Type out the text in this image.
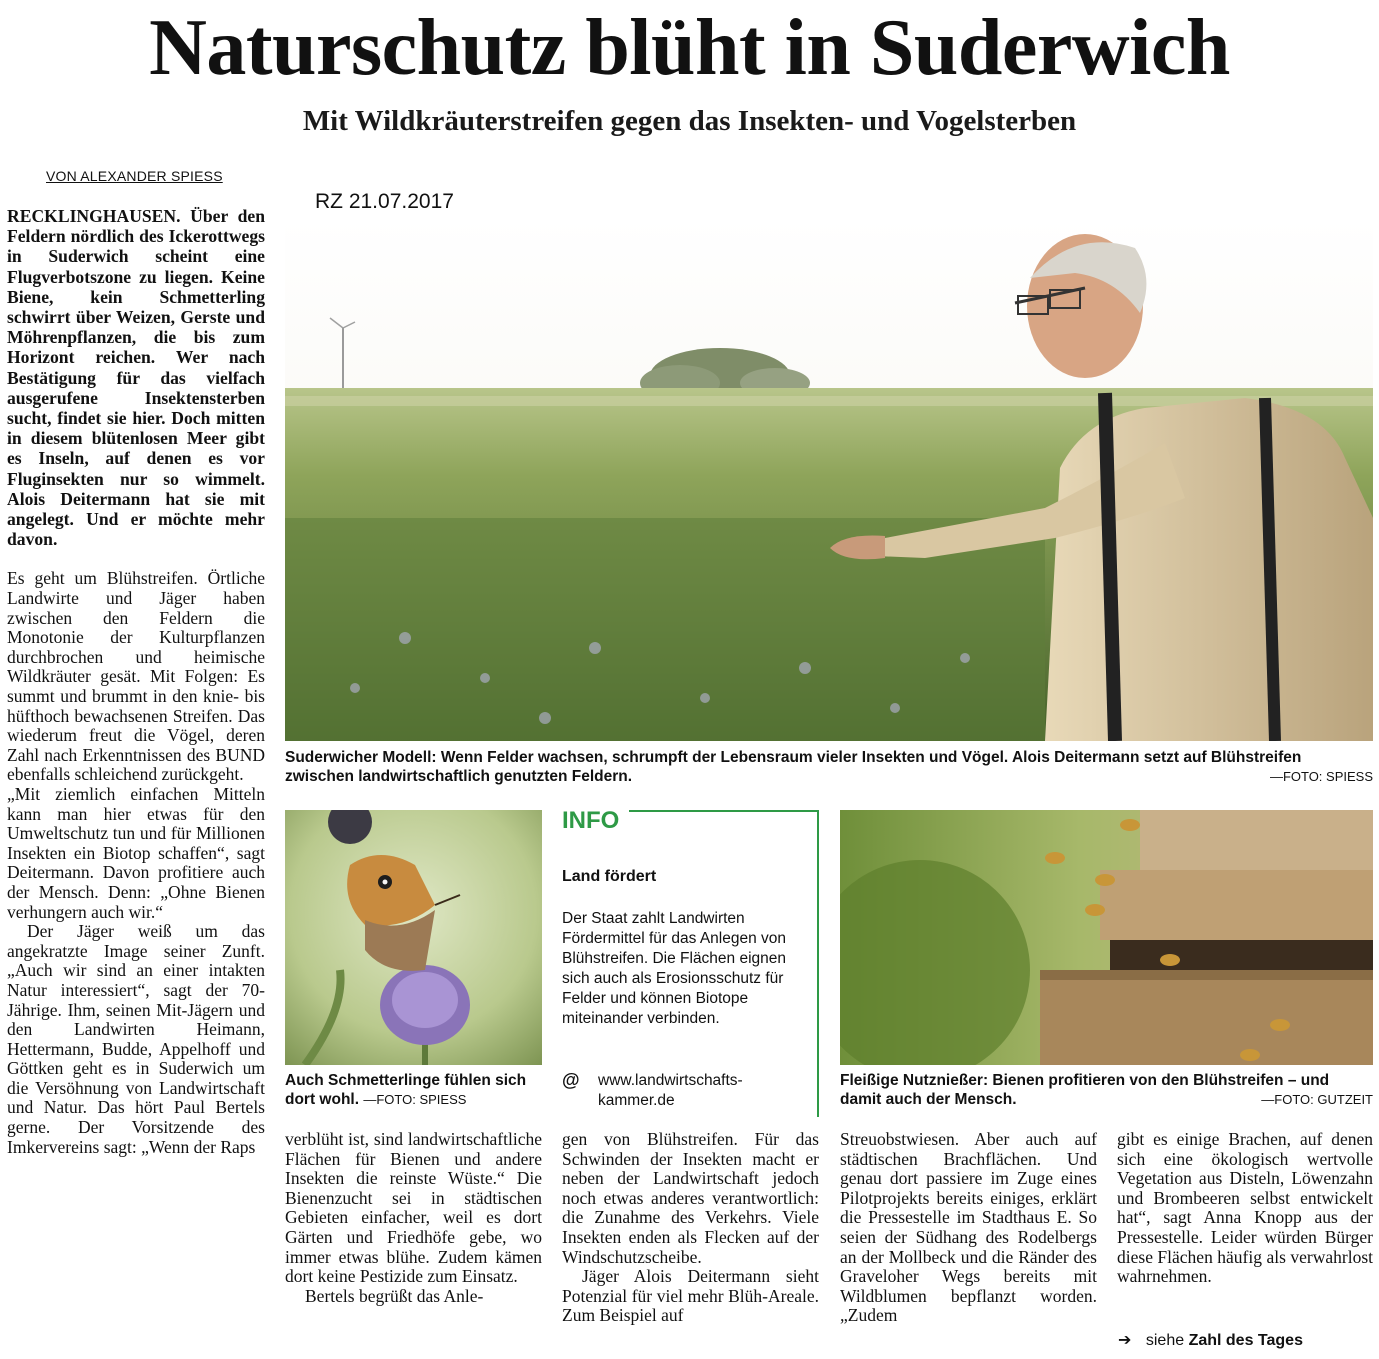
Naturschutz blüht in Suderwich
Mit Wildkräuterstreifen gegen das Insekten- und Vogelsterben
VON ALEXANDER SPIESS
RZ 21.07.2017

RECKLINGHAUSEN. Über den Feldern nördlich des Ickerottwegs in Suderwich scheint eine Flugverbotszone zu liegen. Keine Biene, kein Schmetterling schwirrt über Weizen, Gerste und Möhrenpflanzen, die bis zum Horizont reichen. Wer nach Bestätigung für das vielfach ausgerufene Insektensterben sucht, findet sie hier. Doch mitten in diesem blütenlosen Meer gibt es Inseln, auf denen es vor Fluginsekten nur so wimmelt. Alois Deitermann hat sie mit angelegt. Und er möchte mehr davon.

Es geht um Blühstreifen. Örtliche Landwirte und Jäger haben zwischen den Feldern die Monotonie der Kulturpflanzen durchbrochen und heimische Wildkräuter gesät. Mit Folgen: Es summt und brummt in den knie- bis hüfthoch bewachsenen Streifen. Das wiederum freut die Vögel, deren Zahl nach Erkenntnissen des BUND ebenfalls schleichend zurückgeht.

„Mit ziemlich einfachen Mitteln kann man hier etwas für den Umweltschutz tun und für Millionen Insekten ein Biotop schaffen“, sagt Deitermann. Davon profitiere auch der Mensch. Denn: „Ohne Bienen verhungern auch wir.“

Der Jäger weiß um das angekratzte Image seiner Zunft. „Auch wir sind an einer intakten Natur interessiert“, sagt der 70-Jährige. Ihm, seinen Mit-Jägern und den Landwirten Heimann, Hettermann, Budde, Appelhoff und Göttken geht es in Suderwich um die Versöhnung von Landwirtschaft und Natur. Das hört Paul Bertels gerne. Der Vorsitzende des Imkervereins sagt: „Wenn der Raps

Suderwicher Modell: Wenn Felder wachsen, schrumpft der Lebensraum vieler Insekten und Vögel. Alois Deitermann setzt auf Blühstreifen zwischen landwirtschaftlich genutzten Feldern.	—FOTO: SPIESS
Auch Schmetterlinge fühlen sich dort wohl. —FOTO: SPIESS
INFO
Land fördert
Der Staat zahlt Landwirten Fördermittel für das Anlegen von Blühstreifen. Die Flächen eignen sich auch als Erosionsschutz für Felder und können Biotope miteinander verbinden.
@ www.landwirtschafts-kammer.de
Fleißige Nutznießer: Bienen profitieren von den Blühstreifen – und damit auch der Mensch.	—FOTO: GUTZEIT

verblüht ist, sind landwirtschaftliche Flächen für Bienen und andere Insekten die reinste Wüste.“ Die Bienenzucht sei in städtischen Gebieten einfacher, weil es dort Gärten und Friedhöfe gebe, wo immer etwas blühe. Zudem kämen dort keine Pestizide zum Einsatz.

Bertels begrüßt das Anle-

gen von Blühstreifen. Für das Schwinden der Insekten macht er neben der Landwirtschaft jedoch noch etwas anderes verantwortlich: die Zunahme des Verkehrs. Viele Insekten enden als Flecken auf der Windschutzscheibe.

Jäger Alois Deitermann sieht Potenzial für viel mehr Blüh-Areale. Zum Beispiel auf

Streuobstwiesen. Aber auch auf städtischen Brachflächen. Und genau dort passiere im Zuge eines Pilotprojekts bereits einiges, erklärt die Pressestelle im Stadthaus E. So seien der Südhang des Rodelbergs an der Mollbeck und die Ränder des Graveloher Wegs bereits mit Wildblumen bepflanzt worden. „Zudem

gibt es einige Brachen, auf denen sich eine ökologisch wertvolle Vegetation aus Disteln, Löwenzahn und Brombeeren selbst entwickelt hat“, sagt Anna Knopp aus der Pressestelle. Leider würden Bürger diese Flächen häufig als verwahrlost wahrnehmen.

➔ siehe Zahl des Tages
